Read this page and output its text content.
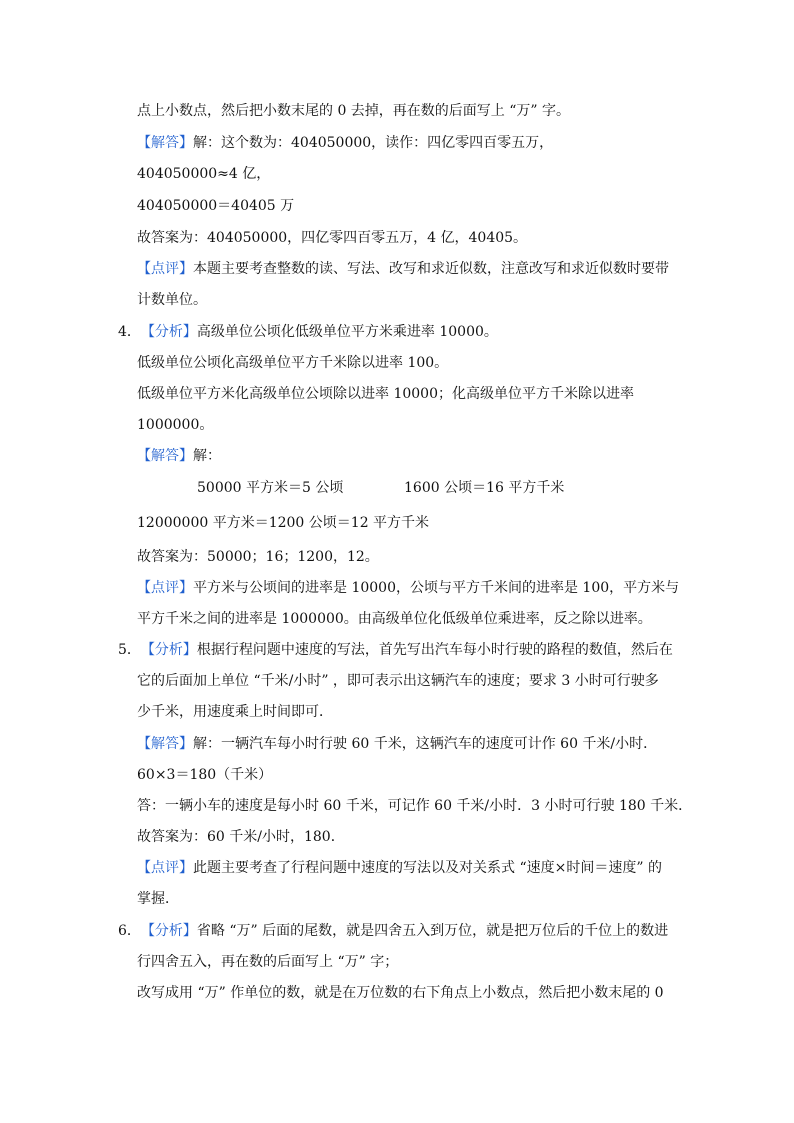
点上小数点，然后把小数末尾的 0 去掉，再在数的后面写上 “万” 字。
【解答】解：这个数为：404050000，读作：四亿零四百零五万，
404050000≈4 亿，
404050000＝40405 万
故答案为：404050000，四亿零四百零五万，4 亿，40405。
【点评】本题主要考查整数的读、写法、改写和求近似数，注意改写和求近似数时要带
计数单位。
4．【分析】高级单位公顷化低级单位平方米乘进率 10000。
低级单位公顷化高级单位平方千米除以进率 100。
低级单位平方米化高级单位公顷除以进率 10000；化高级单位平方千米除以进率
1000000。
【解答】解：
50000 平方米＝5 公顷	1600 公顷＝16 平方千米
12000000 平方米＝1200 公顷＝12 平方千米
故答案为：50000；16；1200，12。
【点评】平方米与公顷间的进率是 10000，公顷与平方千米间的进率是 100，平方米与
平方千米之间的进率是 1000000。由高级单位化低级单位乘进率，反之除以进率。
5．【分析】根据行程问题中速度的写法，首先写出汽车每小时行驶的路程的数值，然后在
它的后面加上单位 “千米/小时” ，即可表示出这辆汽车的速度；要求 3 小时可行驶多
少千米，用速度乘上时间即可．
【解答】解：一辆汽车每小时行驶 60 千米，这辆汽车的速度可计作 60 千米/小时．
60×3＝180（千米）
答：一辆小车的速度是每小时 60 千米，可记作 60 千米/小时．3 小时可行驶 180 千米．
故答案为：60 千米/小时，180．
【点评】此题主要考查了行程问题中速度的写法以及对关系式 “速度×时间＝速度” 的
掌握．
6．【分析】省略 “万” 后面的尾数，就是四舍五入到万位，就是把万位后的千位上的数进
行四舍五入，再在数的后面写上 “万” 字；
改写成用 “万” 作单位的数，就是在万位数的右下角点上小数点，然后把小数末尾的 0
